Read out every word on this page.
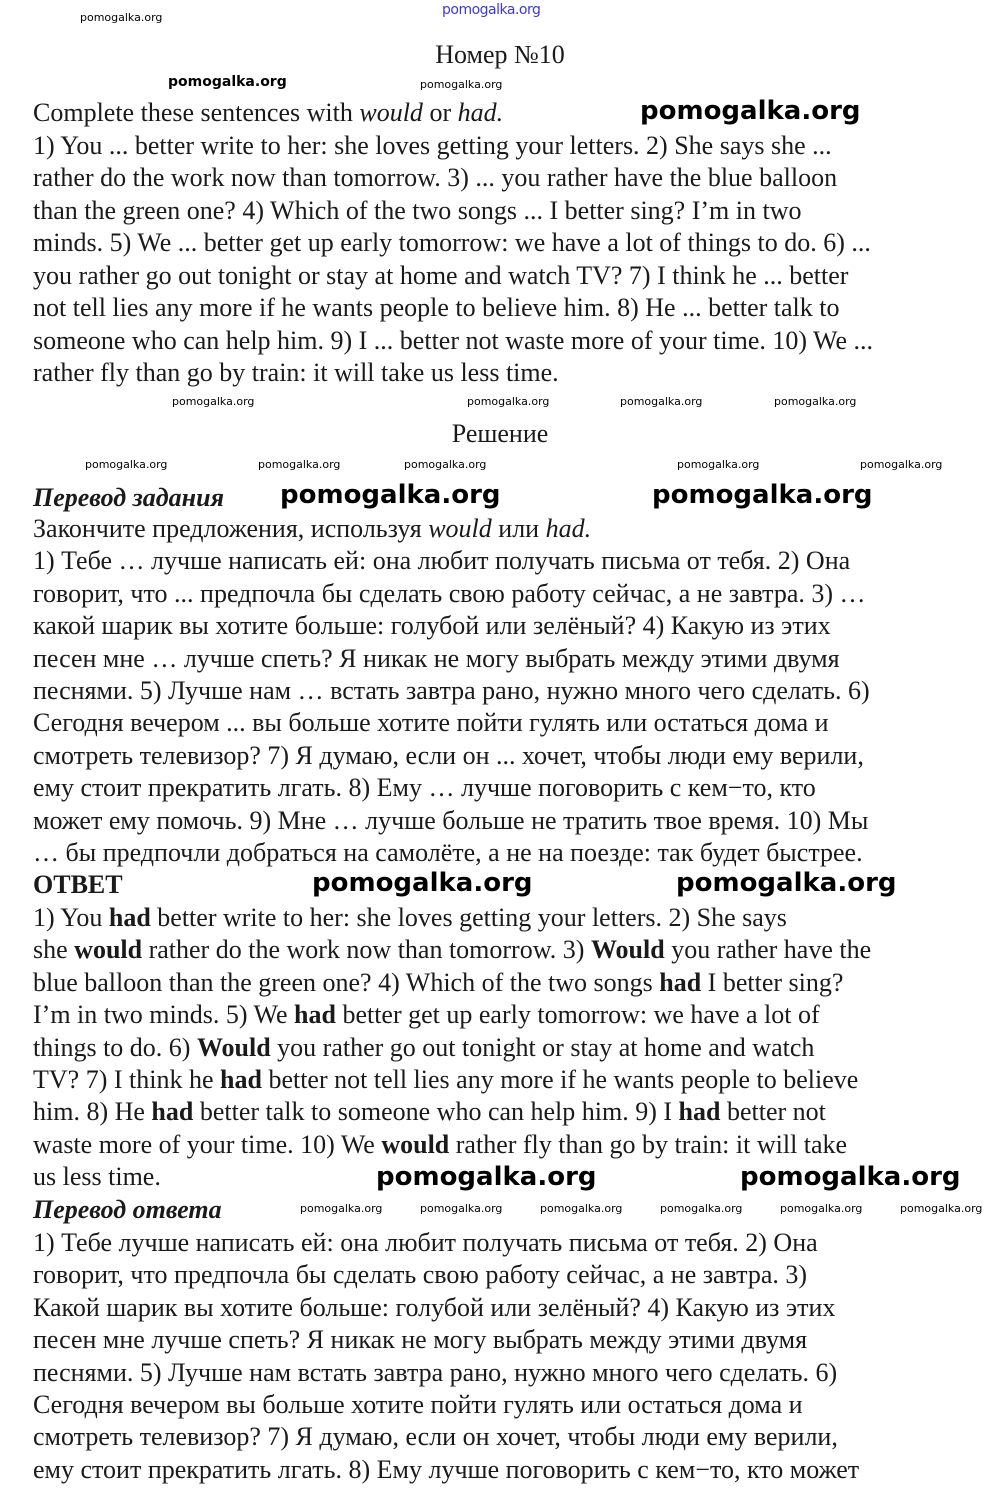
pomogalka.org
Номер №10
Complete these sentences with would or had.
1) You ... better write to her: she loves getting your letters. 2) She says she ...
rather do the work now than tomorrow. 3) ... you rather have the blue balloon
than the green one? 4) Which of the two songs ... I better sing? I’m in two
minds. 5) We ... better get up early tomorrow: we have a lot of things to do. 6) ...
you rather go out tonight or stay at home and watch TV? 7) I think he ... better
not tell lies any more if he wants people to believe him. 8) He ... better talk to
someone who can help him. 9) I ... better not waste more of your time. 10) We ...
rather fly than go by train: it will take us less time.
Решение
Перевод задания
Закончите предложения, используя would или had.
1) Тебе … лучше написать ей: она любит получать письма от тебя. 2) Она
говорит, что ... предпочла бы сделать свою работу сейчас, а не завтра. 3) …
какой шарик вы хотите больше: голубой или зелёный? 4) Какую из этих
песен мне … лучше спеть? Я никак не могу выбрать между этими двумя
песнями. 5) Лучше нам … встать завтра рано, нужно много чего сделать. 6)
Сегодня вечером ... вы больше хотите пойти гулять или остаться дома и
смотреть телевизор? 7) Я думаю, если он ... хочет, чтобы люди ему верили,
ему стоит прекратить лгать. 8) Ему … лучше поговорить с кем−то, кто
может ему помочь. 9) Мне … лучше больше не тратить твое время. 10) Мы
… бы предпочли добраться на самолёте, а не на поезде: так будет быстрее.
ОТВЕТ
1) You had better write to her: she loves getting your letters. 2) She says
she would rather do the work now than tomorrow. 3) Would you rather have the
blue balloon than the green one? 4) Which of the two songs had I better sing?
I’m in two minds. 5) We had better get up early tomorrow: we have a lot of
things to do. 6) Would you rather go out tonight or stay at home and watch
TV? 7) I think he had better not tell lies any more if he wants people to believe
him. 8) He had better talk to someone who can help him. 9) I had better not
waste more of your time. 10) We would rather fly than go by train: it will take
us less time.
Перевод ответа
1) Тебе лучше написать ей: она любит получать письма от тебя. 2) Она
говорит, что предпочла бы сделать свою работу сейчас, а не завтра. 3)
Какой шарик вы хотите больше: голубой или зелёный? 4) Какую из этих
песен мне лучше спеть? Я никак не могу выбрать между этими двумя
песнями. 5) Лучше нам встать завтра рано, нужно много чего сделать. 6)
Сегодня вечером вы больше хотите пойти гулять или остаться дома и
смотреть телевизор? 7) Я думаю, если он хочет, чтобы люди ему верили,
ему стоит прекратить лгать. 8) Ему лучше поговорить с кем−то, кто может
pomogalka.org
pomogalka.org
pomogalka.org	pomogalka.org
pomogalka.org	pomogalka.org
pomogalka.org	pomogalka.org
pomogalka.org	pomogalka.org	pomogalka.org	pomogalka.org	pomogalka.org
pomogalka.org
pomogalka.org	pomogalka.org
pomogalka.org
pomogalka.org	pomogalka.org
pomogalka.org	pomogalka.org	pomogalka.org	pomogalka.org	pomogalka.org	pomogalka.org
